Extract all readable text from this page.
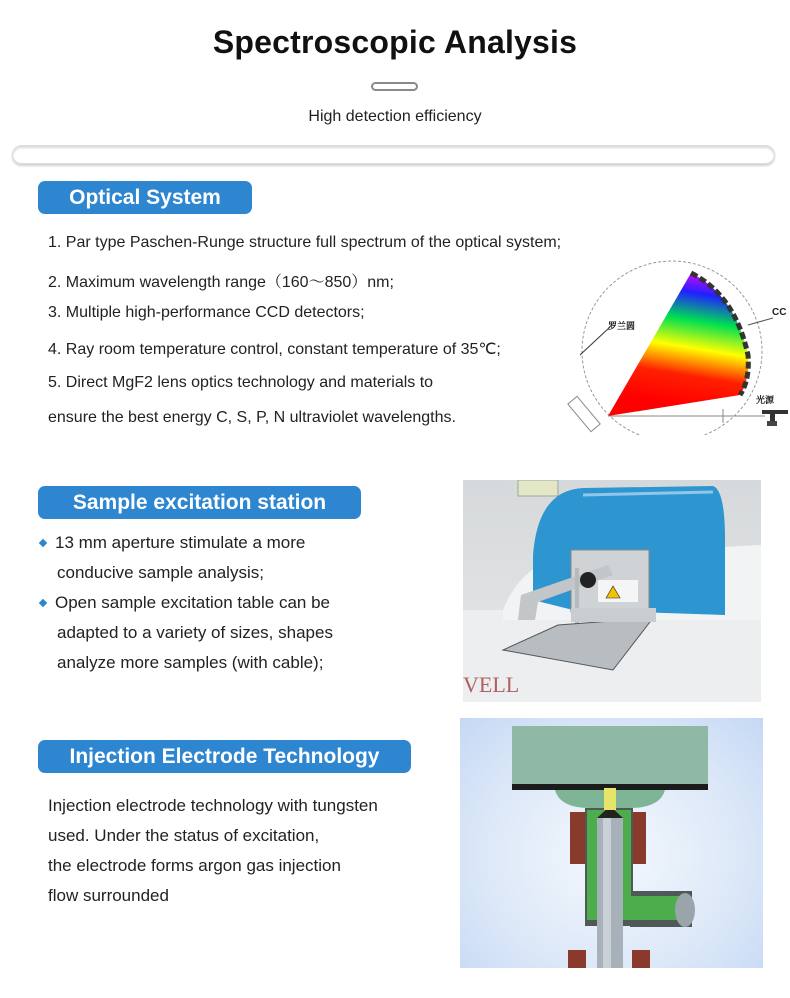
Spectroscopic Analysis
High detection efficiency
Optical System
1. Par type Paschen-Runge structure full spectrum of the optical system;
2. Maximum wavelength range（160～850）nm;
3. Multiple high-performance CCD detectors;
4. Ray room temperature control, constant temperature of 35℃;
5. Direct MgF2 lens optics technology and materials to
ensure the best energy C, S, P, N ultraviolet wavelengths.
罗兰圆
CC
光源
Sample excitation station
13 mm aperture stimulate a more
conducive sample analysis;
Open sample excitation table can be
adapted to a variety of sizes, shapes
analyze more samples (with cable);
VELL
Injection Electrode Technology
Injection electrode technology with tungsten
used. Under the status of excitation,
the electrode forms argon gas injection
flow surrounded
